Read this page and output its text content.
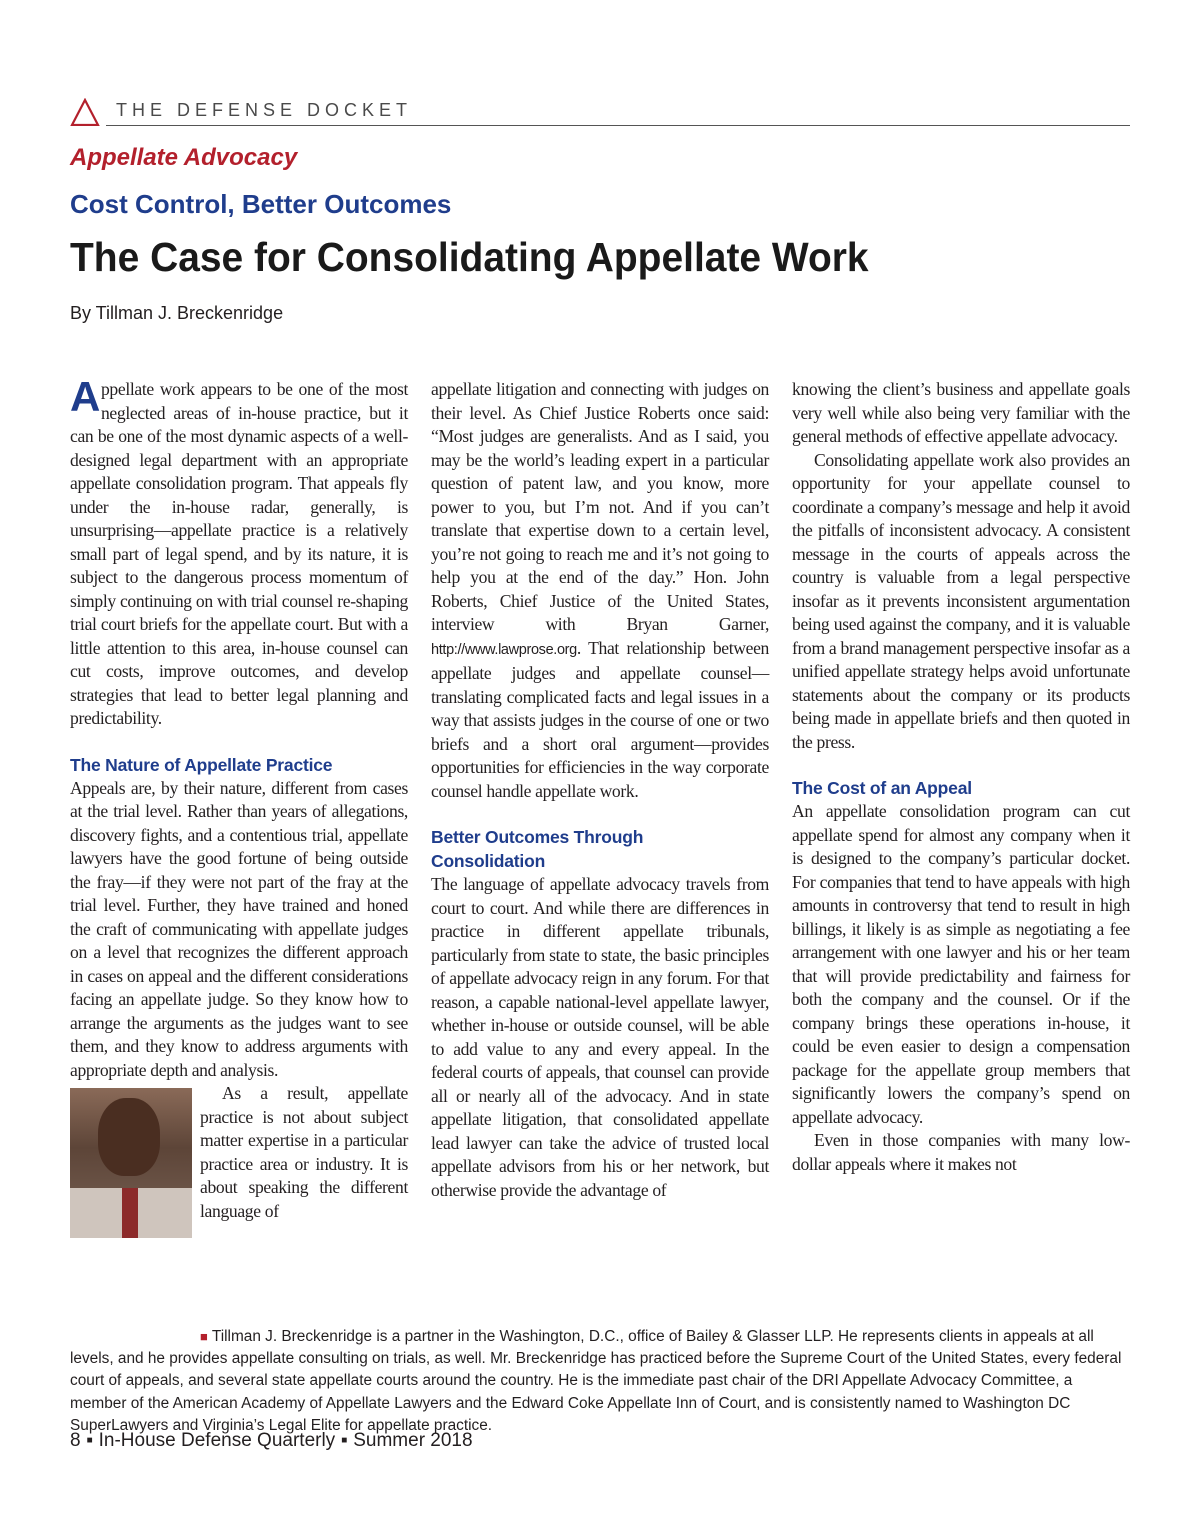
THE DEFENSE DOCKET
Appellate Advocacy
Cost Control, Better Outcomes
The Case for Consolidating Appellate Work
By Tillman J. Breckenridge

Appellate work appears to be one of the most neglected areas of in-house practice, but it can be one of the most dynamic aspects of a well-designed legal department with an appropriate appellate consolidation program. That appeals fly under the in-house radar, generally, is unsurprising—appellate practice is a relatively small part of legal spend, and by its nature, it is subject to the dangerous process momentum of simply continuing on with trial counsel re-shaping trial court briefs for the appellate court. But with a little attention to this area, in-house counsel can cut costs, improve outcomes, and develop strategies that lead to better legal planning and predictability.

The Nature of Appellate Practice

Appeals are, by their nature, different from cases at the trial level. Rather than years of allegations, discovery fights, and a contentious trial, appellate lawyers have the good fortune of being outside the fray—if they were not part of the fray at the trial level. Further, they have trained and honed the craft of communicating with appellate judges on a level that recognizes the different approach in cases on appeal and the different considerations facing an appellate judge. So they know how to arrange the arguments as the judges want to see them, and they know to address arguments with appropriate depth and analysis.

As a result, appellate practice is not about subject matter expertise in a particular practice area or industry. It is about speaking the different language of

appellate litigation and connecting with judges on their level. As Chief Justice Roberts once said: “Most judges are generalists. And as I said, you may be the world’s leading expert in a particular question of patent law, and you know, more power to you, but I’m not. And if you can’t translate that expertise down to a certain level, you’re not going to reach me and it’s not going to help you at the end of the day.” Hon. John Roberts, Chief Justice of the United States, interview with Bryan Garner, http://www.lawprose.org. That relationship between appellate judges and appellate counsel—translating complicated facts and legal issues in a way that assists judges in the course of one or two briefs and a short oral argument—provides opportunities for efficiencies in the way corporate counsel handle appellate work.

Better Outcomes Through Consolidation

The language of appellate advocacy travels from court to court. And while there are differences in practice in different appellate tribunals, particularly from state to state, the basic principles of appellate advocacy reign in any forum. For that reason, a capable national-level appellate lawyer, whether in-house or outside counsel, will be able to add value to any and every appeal. In the federal courts of appeals, that counsel can provide all or nearly all of the advocacy. And in state appellate litigation, that consolidated appellate lead lawyer can take the advice of trusted local appellate advisors from his or her network, but otherwise provide the advantage of

knowing the client’s business and appellate goals very well while also being very familiar with the general methods of effective appellate advocacy.

Consolidating appellate work also provides an opportunity for your appellate counsel to coordinate a company’s message and help it avoid the pitfalls of inconsistent advocacy. A consistent message in the courts of appeals across the country is valuable from a legal perspective insofar as it prevents inconsistent argumentation being used against the company, and it is valuable from a brand management perspective insofar as a unified appellate strategy helps avoid unfortunate statements about the company or its products being made in appellate briefs and then quoted in the press.

The Cost of an Appeal

An appellate consolidation program can cut appellate spend for almost any company when it is designed to the company’s particular docket. For companies that tend to have appeals with high amounts in controversy that tend to result in high billings, it likely is as simple as negotiating a fee arrangement with one lawyer and his or her team that will provide predictability and fairness for both the company and the counsel. Or if the company brings these operations in-house, it could be even easier to design a compensation package for the appellate group members that significantly lowers the company’s spend on appellate advocacy.

Even in those companies with many low-dollar appeals where it makes not

■ Tillman J. Breckenridge is a partner in the Washington, D.C., office of Bailey & Glasser LLP. He represents clients in appeals at all levels, and he provides appellate consulting on trials, as well. Mr. Breckenridge has practiced before the Supreme Court of the United States, every federal court of appeals, and several state appellate courts around the country. He is the immediate past chair of the DRI Appellate Advocacy Committee, a member of the American Academy of Appellate Lawyers and the Edward Coke Appellate Inn of Court, and is consistently named to Washington DC SuperLawyers and Virginia’s Legal Elite for appellate practice.
8 ■ In-House Defense Quarterly ■ Summer 2018
